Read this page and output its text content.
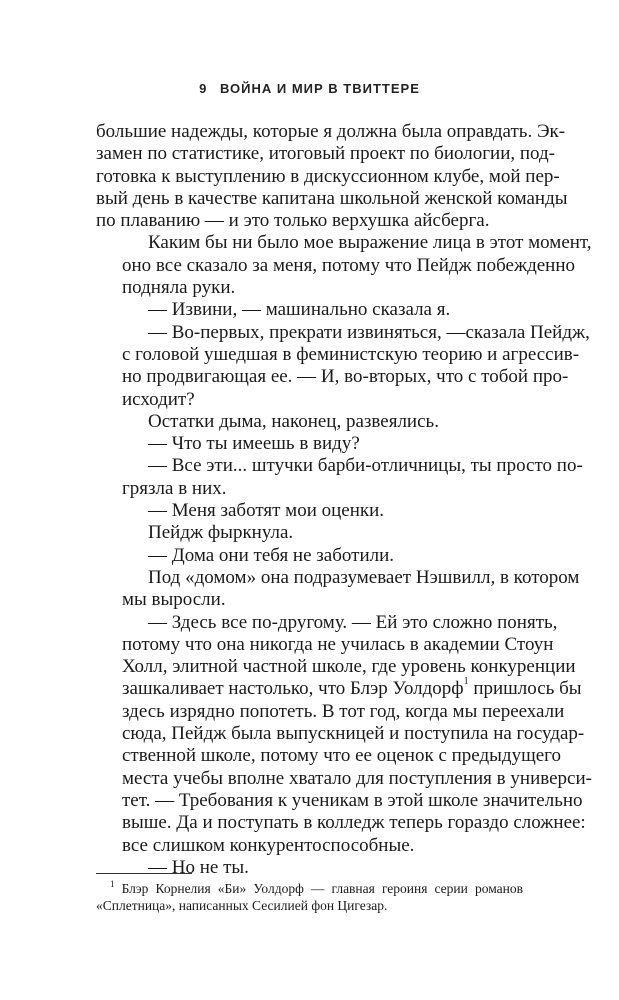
9 ВОЙНА И МИР В ТВИТТЕРЕ
большие надежды, которые я должна была оправдать. Эк-
замен по статистике, итоговый проект по биологии, под-
готовка к выступлению в дискуссионном клубе, мой пер-
вый день в качестве капитана школьной женской команды
по плаванию — и это только верхушка айсберга.
Каким бы ни было мое выражение лица в этот момент,
оно все сказало за меня, потому что Пейдж побежденно
подняла руки.
— Извини, — машинально сказала я.
— Во-первых, прекрати извиняться, —сказала Пейдж,
с головой ушедшая в феминистскую теорию и агрессив-
но продвигающая ее. — И, во-вторых, что с тобой про-
исходит?
Остатки дыма, наконец, развеялись.
— Что ты имеешь в виду?
— Все эти... штучки барби-отличницы, ты просто по-
грязла в них.
— Меня заботят мои оценки.
Пейдж фыркнула.
— Дома они тебя не заботили.
Под «домом» она подразумевает Нэшвилл, в котором
мы выросли.
— Здесь все по-другому. — Ей это сложно понять,
потому что она никогда не училась в академии Стоун
Холл, элитной частной школе, где уровень конкуренции
зашкаливает настолько, что Блэр Уолдорф$^1$ пришлось бы
здесь изрядно попотеть. В тот год, когда мы переехали
сюда, Пейдж была выпускницей и поступила на государ-
ственной школе, потому что ее оценок с предыдущего
места учебы вполне хватало для поступления в универси-
тет. — Требования к ученикам в этой школе значительно
выше. Да и поступать в колледж теперь гораздо сложнее:
все слишком конкурентоспособные.
— Но не ты.
$^1$ Блэр Корнелия «Би» Уолдорф — главная героиня серии романов
«Сплетница», написанных Сесилией фон Цигезар.
